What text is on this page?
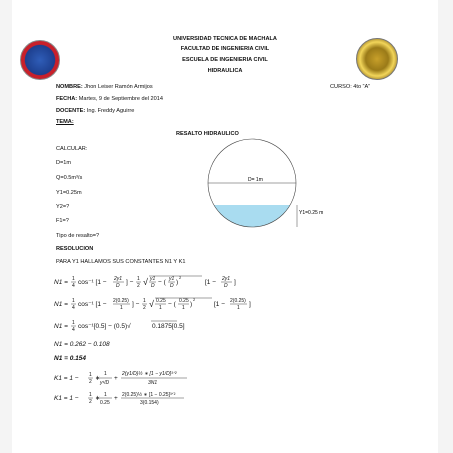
UNIVERSIDAD TECNICA DE MACHALA
FACULTAD DE INGENIERIA CIVIL
ESCUELA DE INGENIERIA CIVIL
HIDRAULICA
NOMBRE: Jhon Leiser Ramón Armijos	CURSO: 4to “A”
FECHA: Martes, 9 de Septiembre del 2014
DOCENTE: Ing. Freddy Aguirre
TEMA:
RESALTO HIDRAULICO
CALCULAR:
D=1m
Q=0.5m³/s
Y1=0.25m
Y2=?
F1=?
Tipo de resalto=?
D= 1m
Y1=0.25 m
RESOLUCION
PARA Y1 HALLAMOS SUS CONSTANTES N1 Y K1
N1 = 1
4 cos⁻¹ [1 − 2y1
D ] − 1
2 √ y1
D − ( y1
D )
2
[1 − 2y1
D ]
N1 = 1
4 cos⁻¹ [1 − 2(0.25)
1 ] − 1
2 √ 0.25
1 − ( 0.25
1 )
2
[1 − 2(0.25)
1 ]
N1 = 1
4 cos⁻¹[0.5] − (0.5)√	0.1875[0.5]
N1 = 0.262 − 0.108
N1 = 0.154
K1 = 1 − 1
2 ∗
1
y¹/D
+
2(y1/D)½ ∗ [1 − y1/D]³ᐟ²
3N1
K1 = 1 − 1
2 ∗ 1
0.25
+ 2(0.25)½ ∗ [1 − 0.25]³ᐟ²
3(0.154)
